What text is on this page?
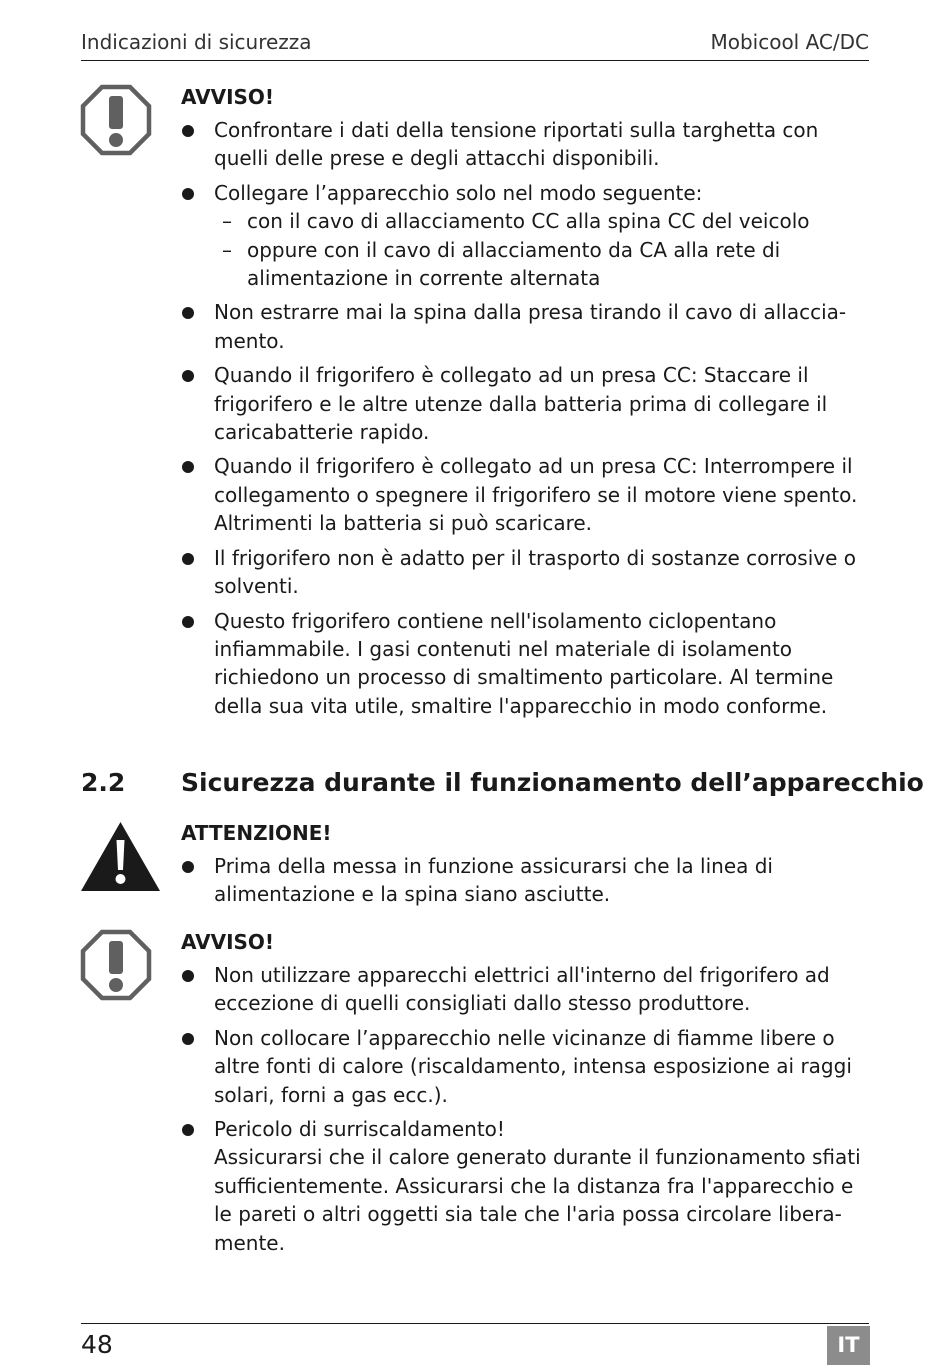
Indicazioni di sicurezza	Mobicool AC/DC
AVVISO!
Confrontare i dati della tensione riportati sulla targhetta con quelli delle prese e degli attacchi disponibili.
Collegare l’apparecchio solo nel modo seguente:
– con il cavo di allacciamento CC alla spina CC del veicolo
– oppure con il cavo di allacciamento da CA alla rete di alimentazione in corrente alternata
Non estrarre mai la spina dalla presa tirando il cavo di allaccia-mento.
Quando il frigorifero è collegato ad un presa CC: Staccare il frigorifero e le altre utenze dalla batteria prima di collegare il caricabatterie rapido.
Quando il frigorifero è collegato ad un presa CC: Interrompere il collegamento o spegnere il frigorifero se il motore viene spento. Altrimenti la batteria si può scaricare.
Il frigorifero non è adatto per il trasporto di sostanze corrosive o solventi.
Questo frigorifero contiene nell'isolamento ciclopentano infiammabile. I gasi contenuti nel materiale di isolamento richiedono un processo di smaltimento particolare. Al termine della sua vita utile, smaltire l'apparecchio in modo conforme.
2.2 Sicurezza durante il funzionamento dell’apparecchio
ATTENZIONE!
Prima della messa in funzione assicurarsi che la linea di alimentazione e la spina siano asciutte.
AVVISO!
Non utilizzare apparecchi elettrici all'interno del frigorifero ad eccezione di quelli consigliati dallo stesso produttore.
Non collocare l’apparecchio nelle vicinanze di fiamme libere o altre fonti di calore (riscaldamento, intensa esposizione ai raggi solari, forni a gas ecc.).
Pericolo di surriscaldamento!
Assicurarsi che il calore generato durante il funzionamento sfiati sufficientemente. Assicurarsi che la distanza fra l'apparecchio e le pareti o altri oggetti sia tale che l'aria possa circolare libera-mente.
48	IT
